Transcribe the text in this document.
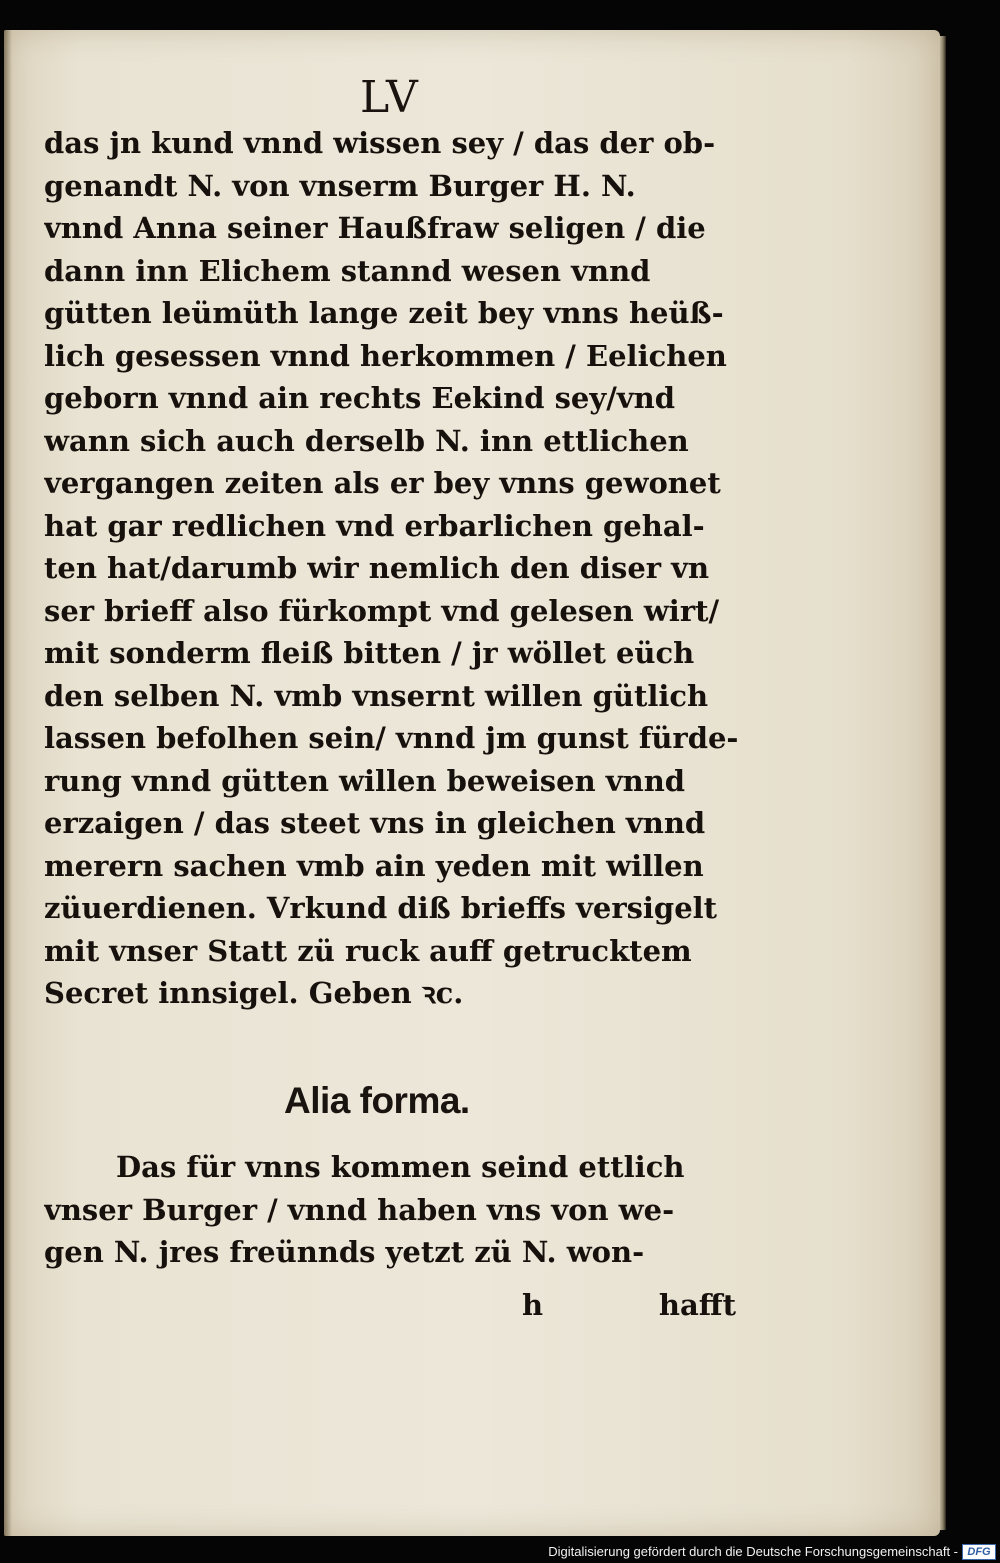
LV
das jn kund vnnd wissen sey / das der ob-
genandt N. von vnserm Burger H. N.
vnnd Anna seiner Haußfraw seligen / die
dann inn Elichem stannd wesen vnnd
gütten leümüth lange zeit bey vnns heüß-
lich gesessen vnnd herkommen / Eelichen
geborn vnnd ain rechts Eekind sey/vnd
wann sich auch derselb N. inn ettlichen
vergangen zeiten als er bey vnns gewonet
hat gar redlichen vnd erbarlichen gehal-
ten hat/darumb wir nemlich den diser vn
ser brieff also fürkompt vnd gelesen wirt/
mit sonderm fleiß bitten / jr wöllet eüch
den selben N. vmb vnsernt willen gütlich
lassen befolhen sein/ vnnd jm gunst fürde-
rung vnnd gütten willen beweisen vnnd
erzaigen / das steet vns in gleichen vnnd
merern sachen vmb ain yeden mit willen
züuerdienen. Vrkund diß brieffs versigelt
mit vnser Statt zü ruck auff getrucktem
Secret innsigel. Geben ꝛc.
Alia forma.
Das für vnns kommen seind ettlich
vnser Burger / vnnd haben vns von we-
gen N. jres freünnds yetzt zü N. won-
h	hafft
Digitalisierung gefördert durch die Deutsche Forschungsgemeinschaft - DFG
